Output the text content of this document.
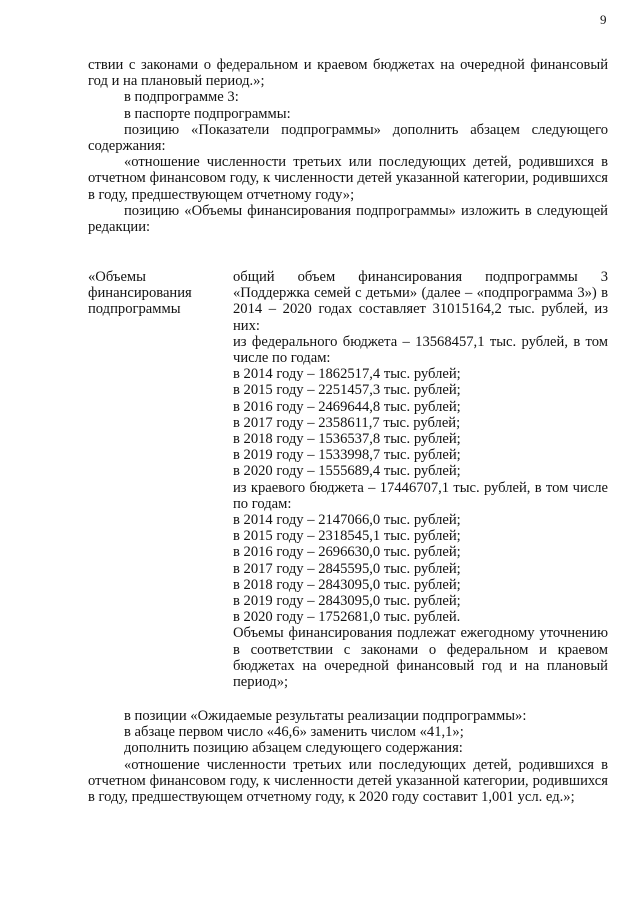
9

ствии с законами о федеральном и краевом бюджетах на очередной финансовый год и на плановый период.»;

в подпрограмме 3:

в паспорте подпрограммы:

позицию «Показатели подпрограммы» дополнить абзацем следующего содержания:

«отношение численности третьих или последующих детей, родившихся в отчетном финансовом году, к численности детей указанной категории, родившихся в году, предшествующем отчетному году»;

позицию «Объемы финансирования подпрограммы» изложить в следующей редакции:

«Объемы финансирования подпрограммы

общий объем финансирования подпрограммы 3 «Поддержка семей с детьми» (далее – «подпрограмма 3») в 2014 – 2020 годах составляет 31015164,2 тыс. рублей, из них:

из федерального бюджета – 13568457,1 тыс. рублей, в том числе по годам:

в 2014 году – 1862517,4 тыс. рублей;

в 2015 году – 2251457,3 тыс. рублей;

в 2016 году – 2469644,8 тыс. рублей;

в 2017 году – 2358611,7 тыс. рублей;

в 2018 году – 1536537,8 тыс. рублей;

в 2019 году – 1533998,7 тыс. рублей;

в 2020 году – 1555689,4 тыс. рублей;

из краевого бюджета – 17446707,1 тыс. рублей, в том числе по годам:

в 2014 году – 2147066,0 тыс. рублей;

в 2015 году – 2318545,1 тыс. рублей;

в 2016 году – 2696630,0 тыс. рублей;

в 2017 году – 2845595,0 тыс. рублей;

в 2018 году – 2843095,0 тыс. рублей;

в 2019 году – 2843095,0 тыс. рублей;

в 2020 году – 1752681,0 тыс. рублей.

Объемы финансирования подлежат ежегодному уточнению в соответствии с законами о федеральном и краевом бюджетах на очередной финансовый год и на плановый период»;

в позиции «Ожидаемые результаты реализации подпрограммы»:

в абзаце первом число «46,6» заменить числом «41,1»;

дополнить позицию абзацем следующего содержания:

«отношение численности третьих или последующих детей, родившихся в отчетном финансовом году, к численности детей указанной категории, родившихся в году, предшествующем отчетному году, к 2020 году составит 1,001 усл. ед.»;
